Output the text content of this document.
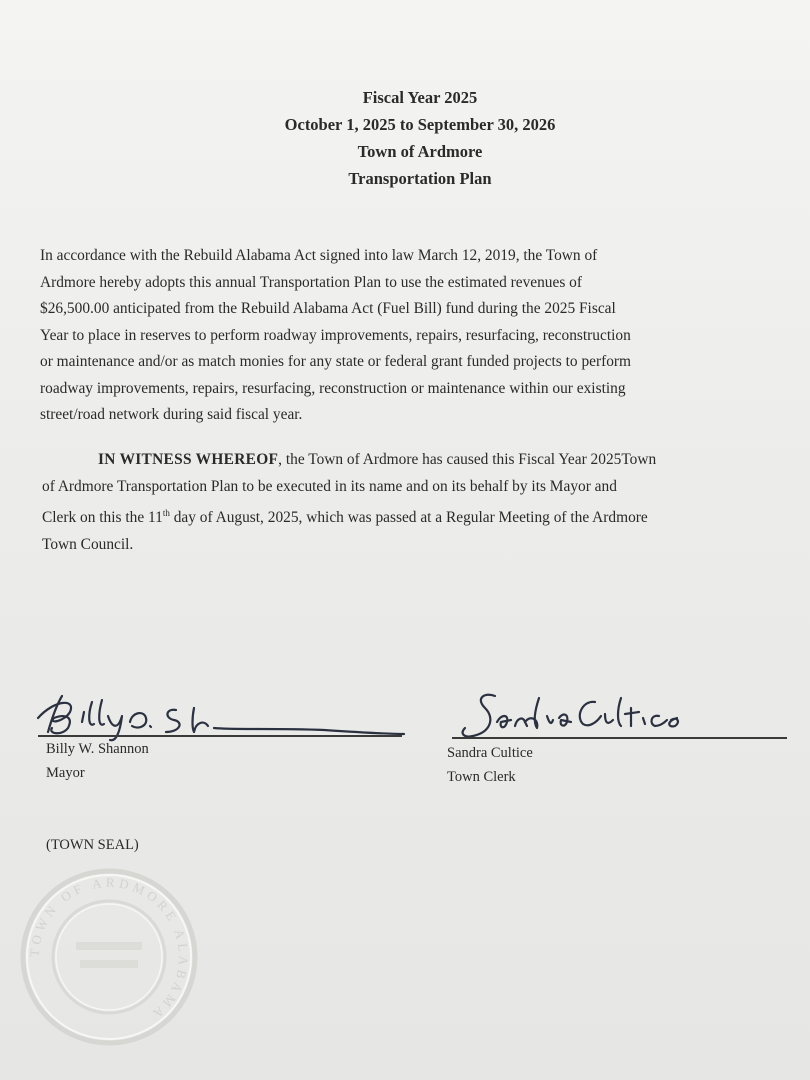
Fiscal Year 2025
October 1, 2025 to September 30, 2026
Town of Ardmore
Transportation Plan
In accordance with the Rebuild Alabama Act signed into law March 12, 2019, the Town of
Ardmore hereby adopts this annual Transportation Plan to use the estimated revenues of
$26,500.00 anticipated from the Rebuild Alabama Act (Fuel Bill) fund during the 2025 Fiscal
Year to place in reserves to perform roadway improvements, repairs, resurfacing, reconstruction
or maintenance and/or as match monies for any state or federal grant funded projects to perform
roadway improvements, repairs, resurfacing, reconstruction or maintenance within our existing
street/road network during said fiscal year.
IN WITNESS WHEREOF, the Town of Ardmore has caused this Fiscal Year 2025Town
of Ardmore Transportation Plan to be executed in its name and on its behalf by its Mayor and
Clerk on this the 11th day of August, 2025, which was passed at a Regular Meeting of the Ardmore
Town Council.
Billy W. Shannon
Mayor
Sandra Cultice
Town Clerk
(TOWN SEAL)
TOWN OF ARDMORE ALABAMA
